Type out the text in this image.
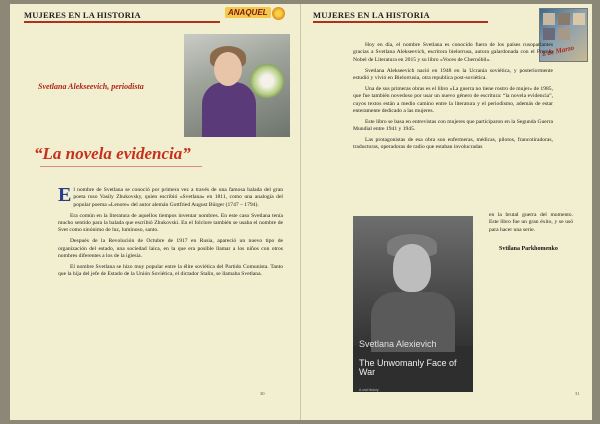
MUJERES EN LA HISTORIA	ANAQUEL
Svetlana Alekseevich, periodista
“La novela evidencia”

El nombre de Svetlana se conoció por primera vez a través de una famosa balada del gran poeta ruso Vasily Zhukovsky, quien escribió «Svetlana» en 1811, como una analogía del popular poema «Lenore» del autor alemán Gottfried August Bürger (1747 – 1794).

Era común en la literatura de aquellos tiempos inventar nombres. En este caso Svetlana tenía mucho sentido para la balada que escribió Zhukovski. En el folclore también se usaba el nombre de Svet como sinónimo de luz, luminoso, santo.

Después de la Revolución de Octubre de 1917 en Rusia, apareció un nuevo tipo de organización del estado, una sociedad laica, en la que era posible llamar a los niños con otros nombres diferentes a los de la iglesia.

El nombre Svetlana se hizo muy popular entre la élite soviética del Partido Comunista. Tanto que la hija del jefe de Estado de la Unión Soviética, el dictador Stalin, se llamaba Svetlana.

30
MUJERES EN LA HISTORIA
8 de Marzo

Hoy en día, el nombre Svetlana es conocido fuera de los países rusoparlantes gracias a Svetlana Alekseevich, escritora bielorrusa, autora galardonada con el Premio Nobel de Literatura en 2015 y su libro «Voces de Chernóbil».

Svetlana Alekseevich nació en 1948 en la Ucrania soviética, y posteriormente estudió y vivió en Bielorrusia, otra republica post-soviética.

Una de sus primeras obras es el libro «La guerra no tiene rostro de mujer» de 1985, que fue también novedoso por usar un nuevo género de escritura: “la novela evidencia”, cuyos textos están a medio camino entre la literatura y el periodismo, además de estar enteramente dedicado a las mujeres.

Este libro se basa en entrevistas con mujeres que participaron en la Segunda Guerra Mundial entre 1941 y 1945.

Las protagonistas de esa obra son enfermeras, médicas, pilotos, francotiradoras, traductoras, operadoras de radio que estaban involucradas

en la brutal guerra del momento. Este libro fue un gran éxito, y se usó para hacer una serie.
Svtilana Parkhomenko
Svetlana Alexievich
The Unwomanly Face of War
A oral history
31
